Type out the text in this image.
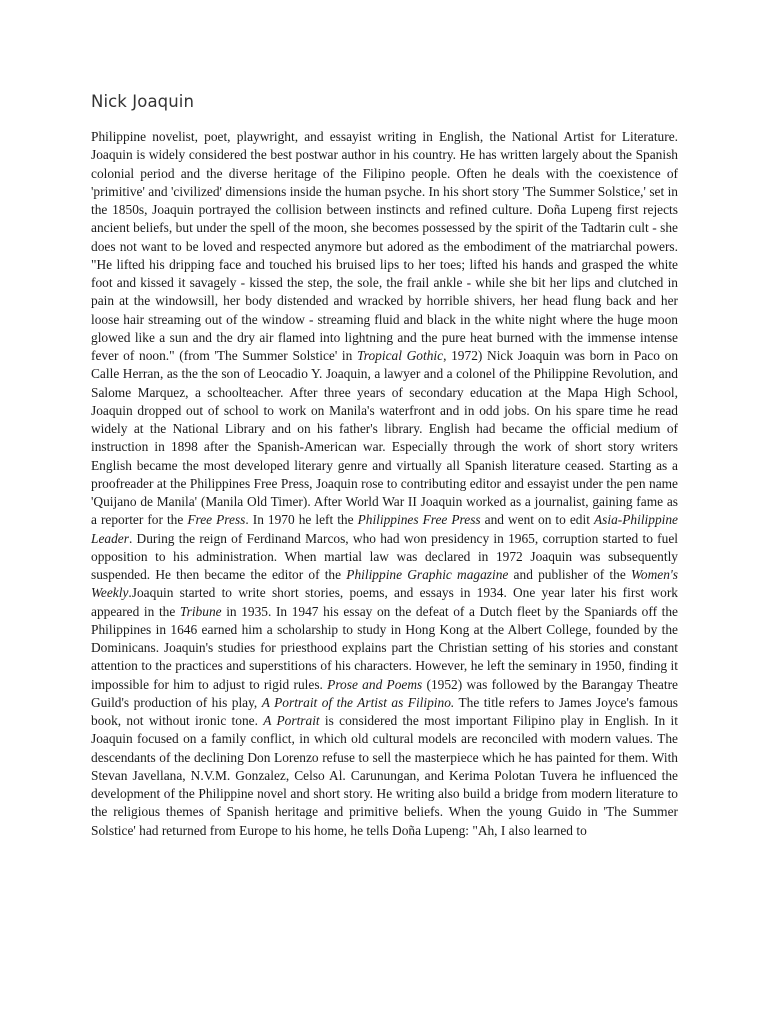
Nick Joaquin

Philippine novelist, poet, playwright, and essayist writing in English, the National Artist for Literature. Joaquin is widely considered the best postwar author in his country. He has written largely about the Spanish colonial period and the diverse heritage of the Filipino people. Often he deals with the coexistence of 'primitive' and 'civilized' dimensions inside the human psyche. In his short story 'The Summer Solstice,' set in the 1850s, Joaquin portrayed the collision between instincts and refined culture. Doña Lupeng first rejects ancient beliefs, but under the spell of the moon, she becomes possessed by the spirit of the Tadtarin cult - she does not want to be loved and respected anymore but adored as the embodiment of the matriarchal powers. "He lifted his dripping face and touched his bruised lips to her toes; lifted his hands and grasped the white foot and kissed it savagely - kissed the step, the sole, the frail ankle - while she bit her lips and clutched in pain at the windowsill, her body distended and wracked by horrible shivers, her head flung back and her loose hair streaming out of the window - streaming fluid and black in the white night where the huge moon glowed like a sun and the dry air flamed into lightning and the pure heat burned with the immense intense fever of noon." (from 'The Summer Solstice' in Tropical Gothic, 1972) Nick Joaquin was born in Paco on Calle Herran, as the the son of Leocadio Y. Joaquin, a lawyer and a colonel of the Philippine Revolution, and Salome Marquez, a schoolteacher. After three years of secondary education at the Mapa High School, Joaquin dropped out of school to work on Manila's waterfront and in odd jobs. On his spare time he read widely at the National Library and on his father's library. English had became the official medium of instruction in 1898 after the Spanish-American war. Especially through the work of short story writers English became the most developed literary genre and virtually all Spanish literature ceased. Starting as a proofreader at the Philippines Free Press, Joaquin rose to contributing editor and essayist under the pen name 'Quijano de Manila' (Manila Old Timer). After World War II Joaquin worked as a journalist, gaining fame as a reporter for the Free Press. In 1970 he left the Philippines Free Press and went on to edit Asia-Philippine Leader. During the reign of Ferdinand Marcos, who had won presidency in 1965, corruption started to fuel opposition to his administration. When martial law was declared in 1972 Joaquin was subsequently suspended. He then became the editor of the Philippine Graphic magazine and publisher of the Women's Weekly.Joaquin started to write short stories, poems, and essays in 1934. One year later his first work appeared in the Tribune in 1935. In 1947 his essay on the defeat of a Dutch fleet by the Spaniards off the Philippines in 1646 earned him a scholarship to study in Hong Kong at the Albert College, founded by the Dominicans. Joaquin's studies for priesthood explains part the Christian setting of his stories and constant attention to the practices and superstitions of his characters. However, he left the seminary in 1950, finding it impossible for him to adjust to rigid rules. Prose and Poems (1952) was followed by the Barangay Theatre Guild's production of his play, A Portrait of the Artist as Filipino. The title refers to James Joyce's famous book, not without ironic tone. A Portrait is considered the most important Filipino play in English. In it Joaquin focused on a family conflict, in which old cultural models are reconciled with modern values. The descendants of the declining Don Lorenzo refuse to sell the masterpiece which he has painted for them. With Stevan Javellana, N.V.M. Gonzalez, Celso Al. Carunungan, and Kerima Polotan Tuvera he influenced the development of the Philippine novel and short story. He writing also build a bridge from modern literature to the religious themes of Spanish heritage and primitive beliefs. When the young Guido in 'The Summer Solstice' had returned from Europe to his home, he tells Doña Lupeng: "Ah, I also learned to
